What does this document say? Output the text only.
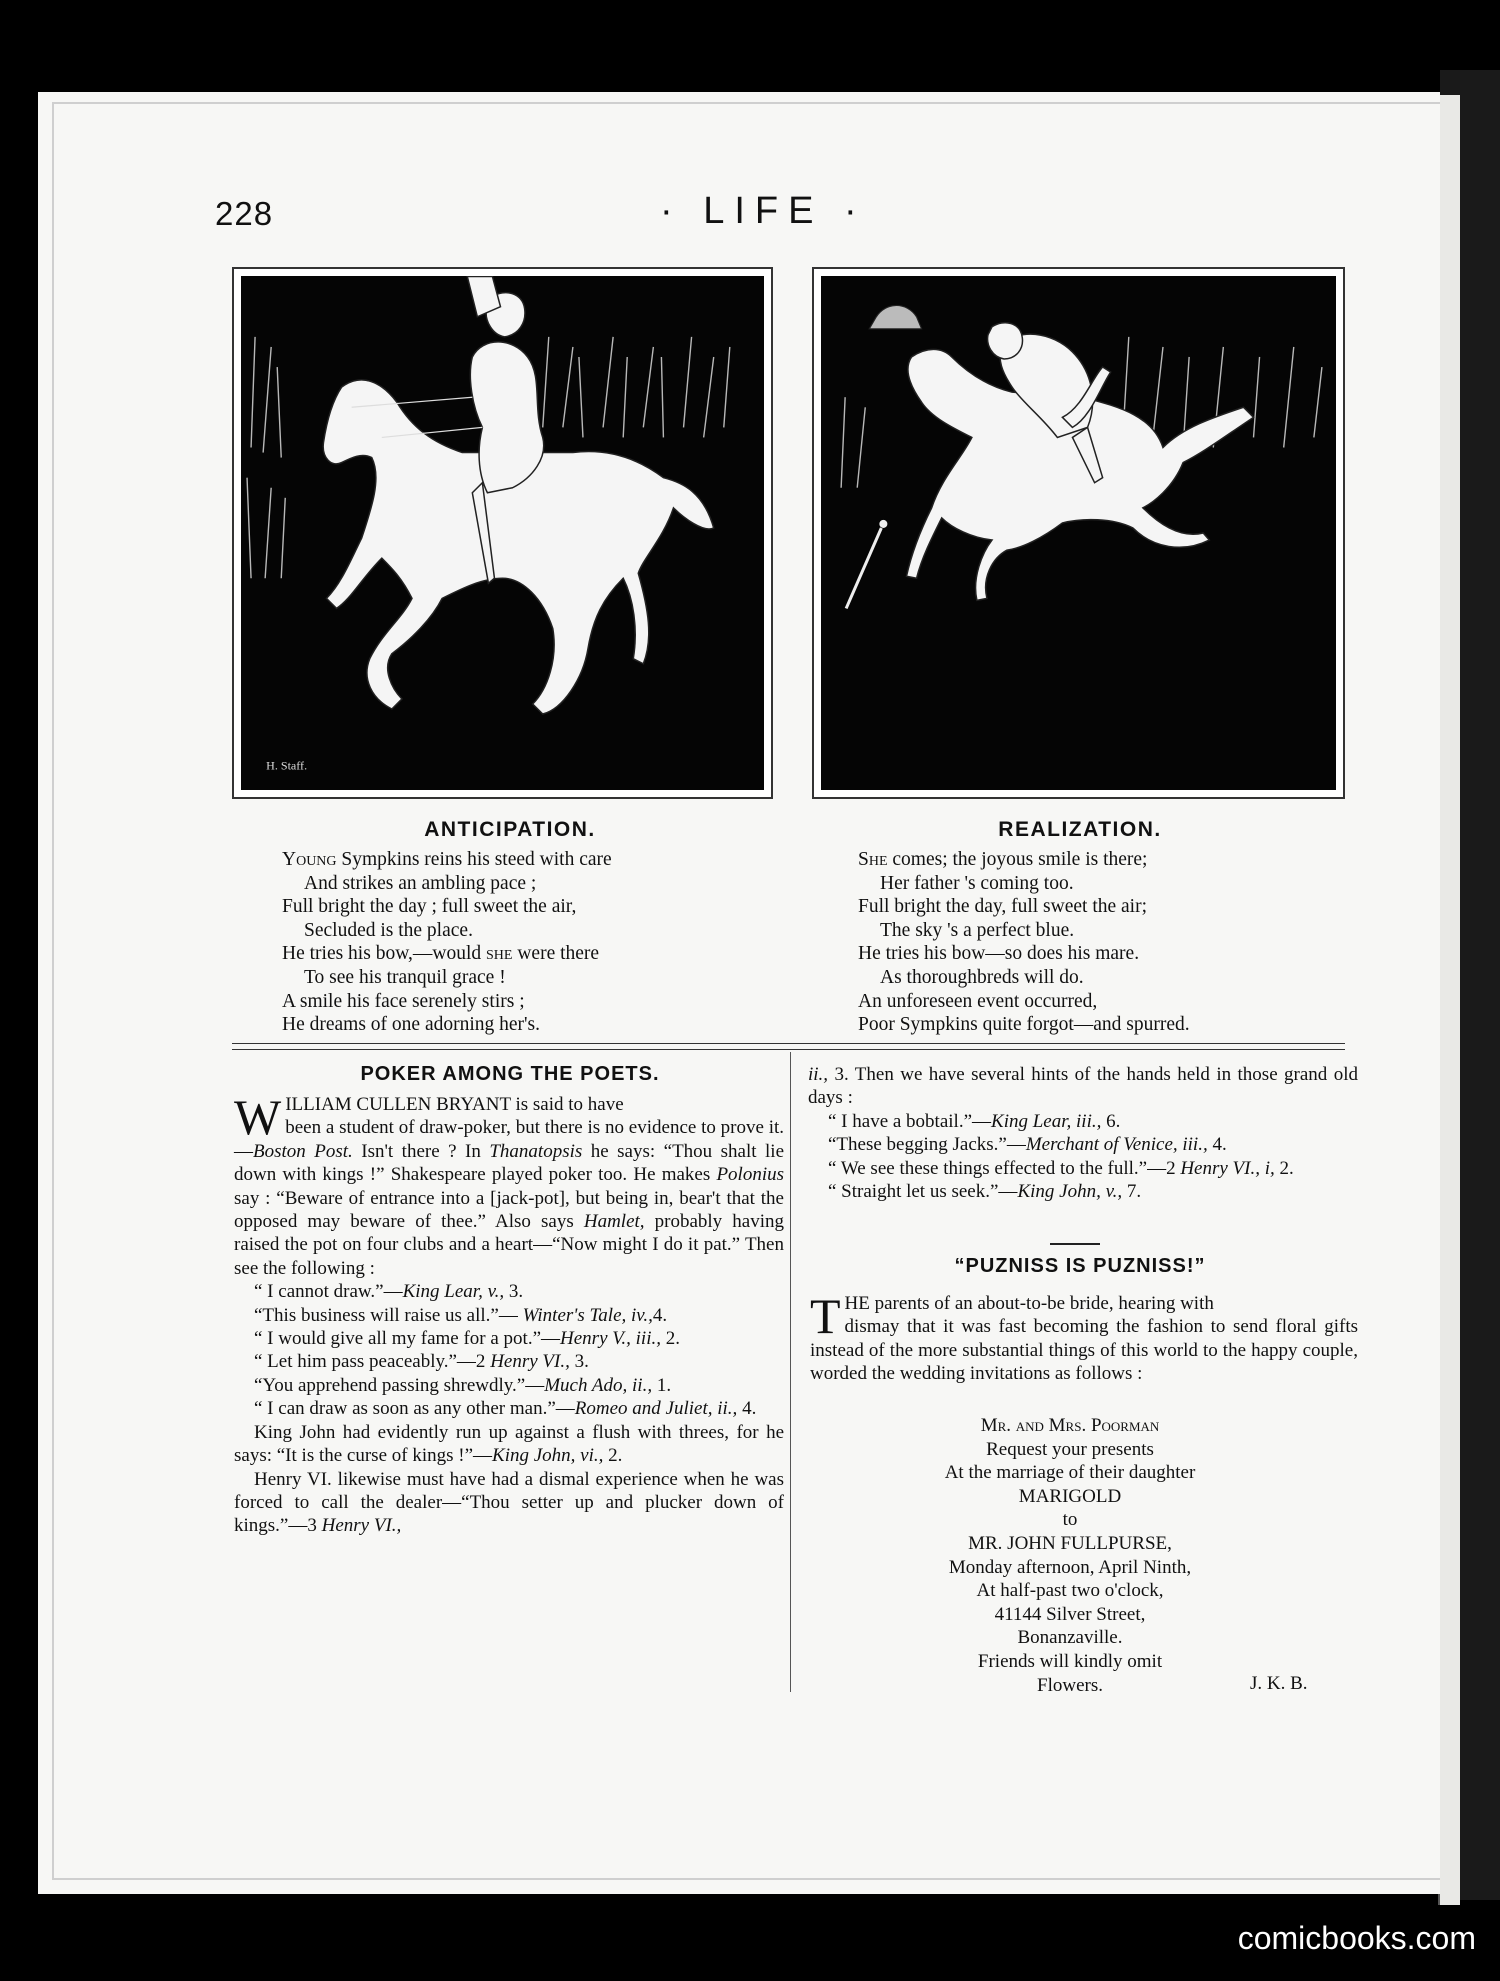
228	· LIFE ·
H. Staff.
ANTICIPATION.
Young Sympkins reins his steed with care
And strikes an ambling pace ;
Full bright the day ; full sweet the air,
Secluded is the place.
He tries his bow,—would she were there
To see his tranquil grace !
A smile his face serenely stirs ;
He dreams of one adorning her's.
REALIZATION.
She comes; the joyous smile is there;
Her father 's coming too.
Full bright the day, full sweet the air;
The sky 's a perfect blue.
He tries his bow—so does his mare.
As thoroughbreds will do.
An unforeseen event occurred,
Poor Sympkins quite forgot—and spurred.
POKER AMONG THE POETS.

WILLIAM CULLEN BRYANT is said to have
been a student of draw-poker, but there is no evidence to prove it.—Boston Post. Isn't there ? In Thanatopsis he says: “Thou shalt lie down with kings !” Shakespeare played poker too. He makes Polonius say : “Beware of entrance into a [jack-pot], but being in, bear't that the opposed may beware of thee.” Also says Hamlet, probably having raised the pot on four clubs and a heart—“Now might I do it pat.” Then see the following :

“ I cannot draw.”—King Lear, v., 3.

“This business will raise us all.”— Winter's Tale, iv.,4.

“ I would give all my fame for a pot.”—Henry V., iii., 2.

“ Let him pass peaceably.”—2 Henry VI., 3.

“You apprehend passing shrewdly.”—Much Ado, ii., 1.

“ I can draw as soon as any other man.”—Romeo and Juliet, ii., 4.

King John had evidently run up against a flush with threes, for he says: “It is the curse of kings !”—King John, vi., 2.

Henry VI. likewise must have had a dismal experience when he was forced to call the dealer—“Thou setter up and plucker down of kings.”—3 Henry VI.,

ii., 3. Then we have several hints of the hands held in those grand old days :

“ I have a bobtail.”—King Lear, iii., 6.

“These begging Jacks.”—Merchant of Venice, iii., 4.

“ We see these things effected to the full.”—2 Henry VI., i, 2.

“ Straight let us seek.”—King John, v., 7.

“PUZNISS IS PUZNISS!”

THE parents of an about-to-be bride, hearing with
dismay that it was fast becoming the fashion to send floral gifts instead of the more substantial things of this world to the happy couple, worded the wedding invitations as follows :

Mr. and Mrs. Poorman
Request your presents
At the marriage of their daughter
MARIGOLD
to
MR. JOHN FULLPURSE,
Monday afternoon, April Ninth,
At half-past two o'clock,
41144 Silver Street,
Bonanzaville.
Friends will kindly omit
Flowers.	J. K. B.
comicbooks.com
